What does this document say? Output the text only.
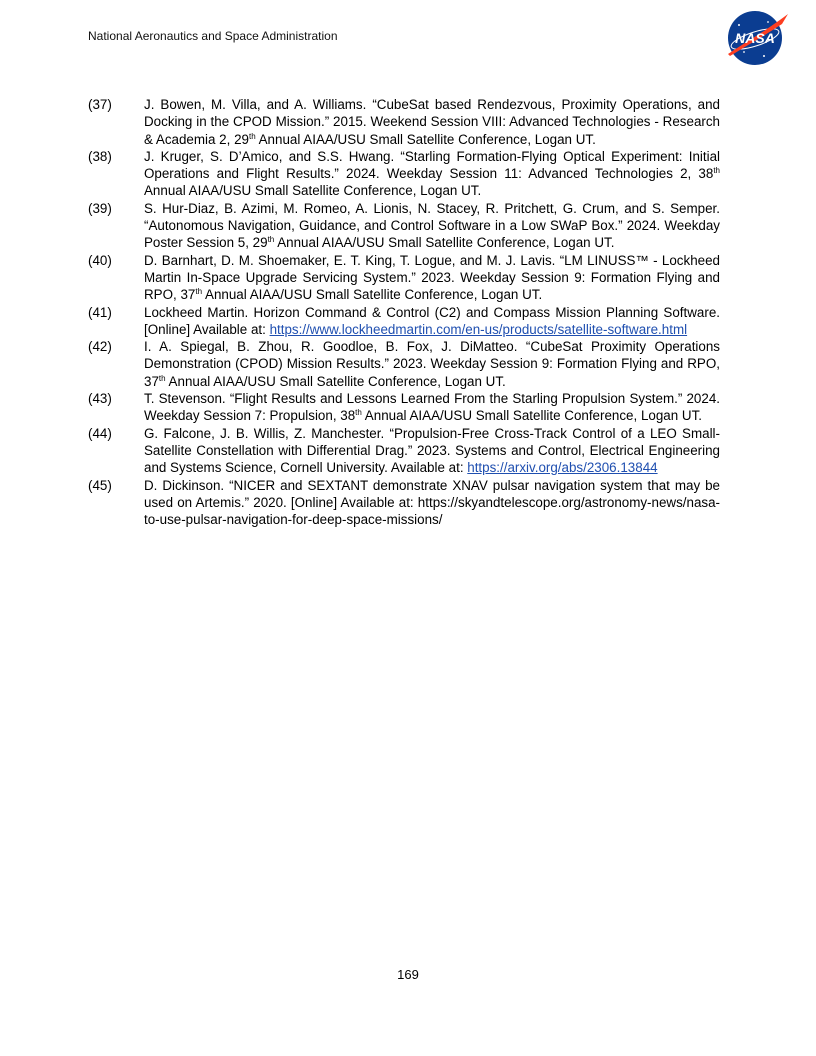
National Aeronautics and Space Administration	NASA
(37)	J. Bowen, M. Villa, and A. Williams. “CubeSat based Rendezvous, Proximity Operations, and Docking in the CPOD Mission.” 2015. Weekend Session VIII: Advanced Technologies - Research & Academia 2, 29th Annual AIAA/USU Small Satellite Conference, Logan UT.
(38)	J. Kruger, S. D’Amico, and S.S. Hwang. “Starling Formation-Flying Optical Experiment: Initial Operations and Flight Results.” 2024. Weekday Session 11: Advanced Technologies 2, 38th Annual AIAA/USU Small Satellite Conference, Logan UT.
(39)	S. Hur-Diaz, B. Azimi, M. Romeo, A. Lionis, N. Stacey, R. Pritchett, G. Crum, and S. Semper. “Autonomous Navigation, Guidance, and Control Software in a Low SWaP Box.” 2024. Weekday Poster Session 5, 29th Annual AIAA/USU Small Satellite Conference, Logan UT.
(40)	D. Barnhart, D. M. Shoemaker, E. T. King, T. Logue, and M. J. Lavis. “LM LINUSS™ - Lockheed Martin In-Space Upgrade Servicing System.” 2023. Weekday Session 9: Formation Flying and RPO, 37th Annual AIAA/USU Small Satellite Conference, Logan UT.
(41)	Lockheed Martin. Horizon Command & Control (C2) and Compass Mission Planning Software. [Online] Available at: https://www.lockheedmartin.com/en-us/products/satellite-software.html
(42)	I. A. Spiegal, B. Zhou, R. Goodloe, B. Fox, J. DiMatteo. “CubeSat Proximity Operations Demonstration (CPOD) Mission Results.” 2023. Weekday Session 9: Formation Flying and RPO, 37th Annual AIAA/USU Small Satellite Conference, Logan UT.
(43)	T. Stevenson. “Flight Results and Lessons Learned From the Starling Propulsion System.” 2024. Weekday Session 7: Propulsion, 38th Annual AIAA/USU Small Satellite Conference, Logan UT.
(44)	G. Falcone, J. B. Willis, Z. Manchester. “Propulsion-Free Cross-Track Control of a LEO Small-Satellite Constellation with Differential Drag.” 2023. Systems and Control, Electrical Engineering and Systems Science, Cornell University. Available at: https://arxiv.org/abs/2306.13844
(45)	D. Dickinson. “NICER and SEXTANT demonstrate XNAV pulsar navigation system that may be used on Artemis.” 2020. [Online] Available at: https://skyandtelescope.org/astronomy-news/nasa-to-use-pulsar-navigation-for-deep-space-missions/
169
